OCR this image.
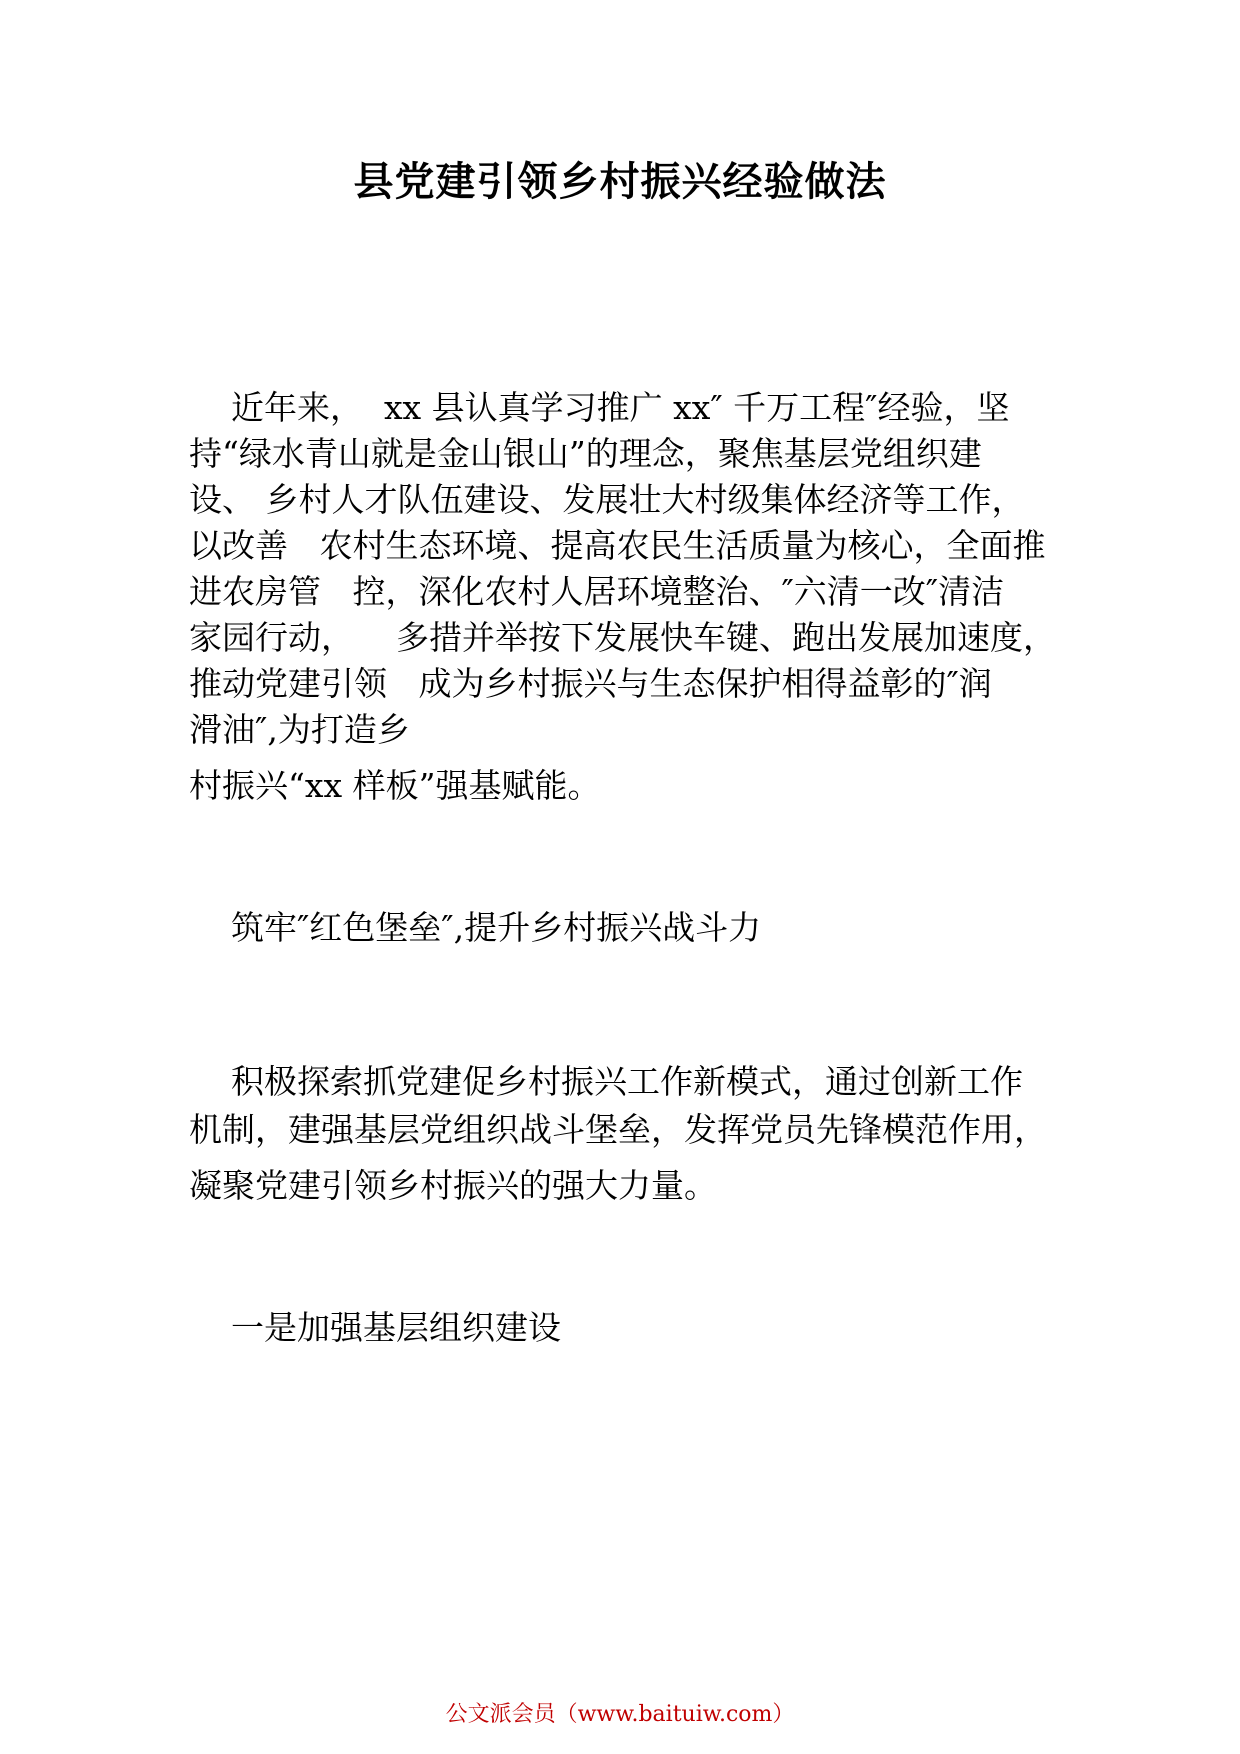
县党建引领乡村振兴经验做法
近年来，  xx 县认真学习推广 xx″ 千万工程″经验，坚
持“绿水青山就是金山银山”的理念，聚焦基层党组织建
设、 乡村人才队伍建设、发展壮大村级集体经济等工作，
以改善   农村生态环境、提高农民生活质量为核心，全面推
进农房管   控，深化农村人居环境整治、″六清一改″清洁
家园行动，    多措并举按下发展快车键、跑出发展加速度，
推动党建引领   成为乡村振兴与生态保护相得益彰的″润
滑油″,为打造乡
村振兴“xx 样板”强基赋能。
筑牢″红色堡垒″,提升乡村振兴战斗力
积极探索抓党建促乡村振兴工作新模式，通过创新工作
机制，建强基层党组织战斗堡垒，发挥党员先锋模范作用，
凝聚党建引领乡村振兴的强大力量。
一是加强基层组织建设
公文派会员（www.baituiw.com）
